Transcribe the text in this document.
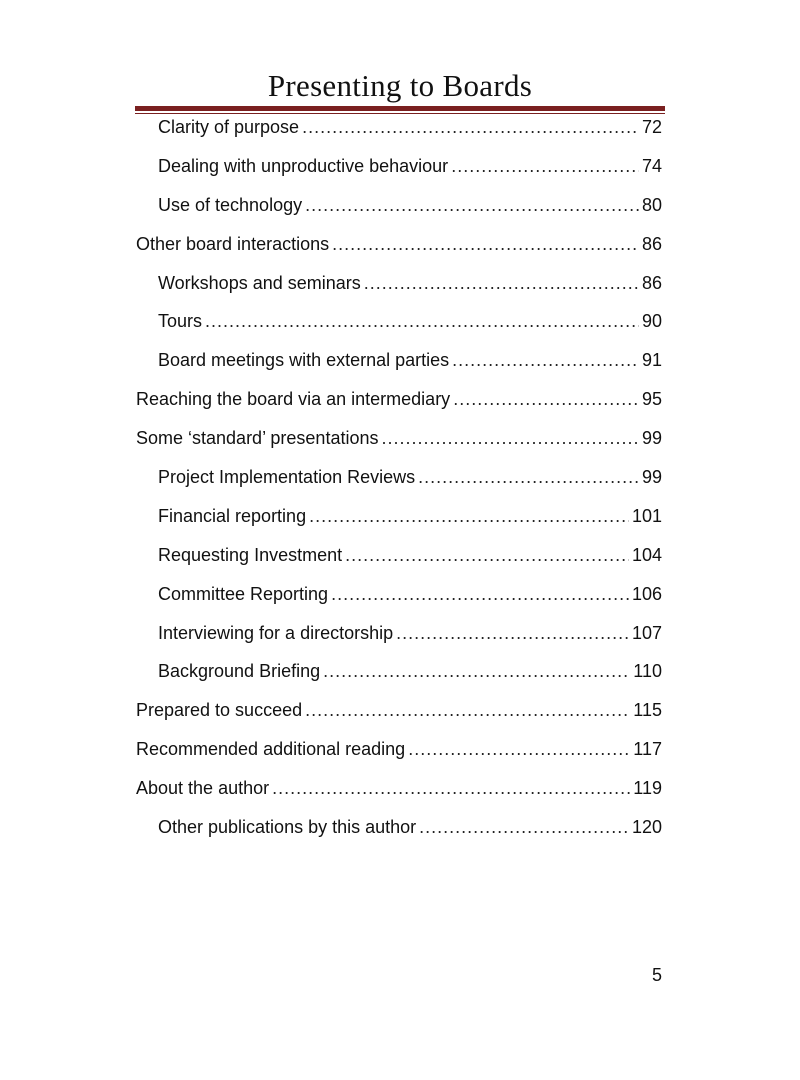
Presenting to Boards
Clarity of purpose .....	72
Dealing with unproductive behaviour .....	74
Use of technology .....	80
Other board interactions .....	86
Workshops and seminars .....	86
Tours .....	90
Board meetings with external parties .....	91
Reaching the board via an intermediary .....	95
Some ‘standard’ presentations .....	99
Project Implementation Reviews .....	99
Financial reporting .....	101
Requesting Investment .....	104
Committee Reporting .....	106
Interviewing for a directorship .....	107
Background Briefing .....	110
Prepared to succeed .....	115
Recommended additional reading .....	117
About the author .....	119
Other publications by this author .....	120
5
